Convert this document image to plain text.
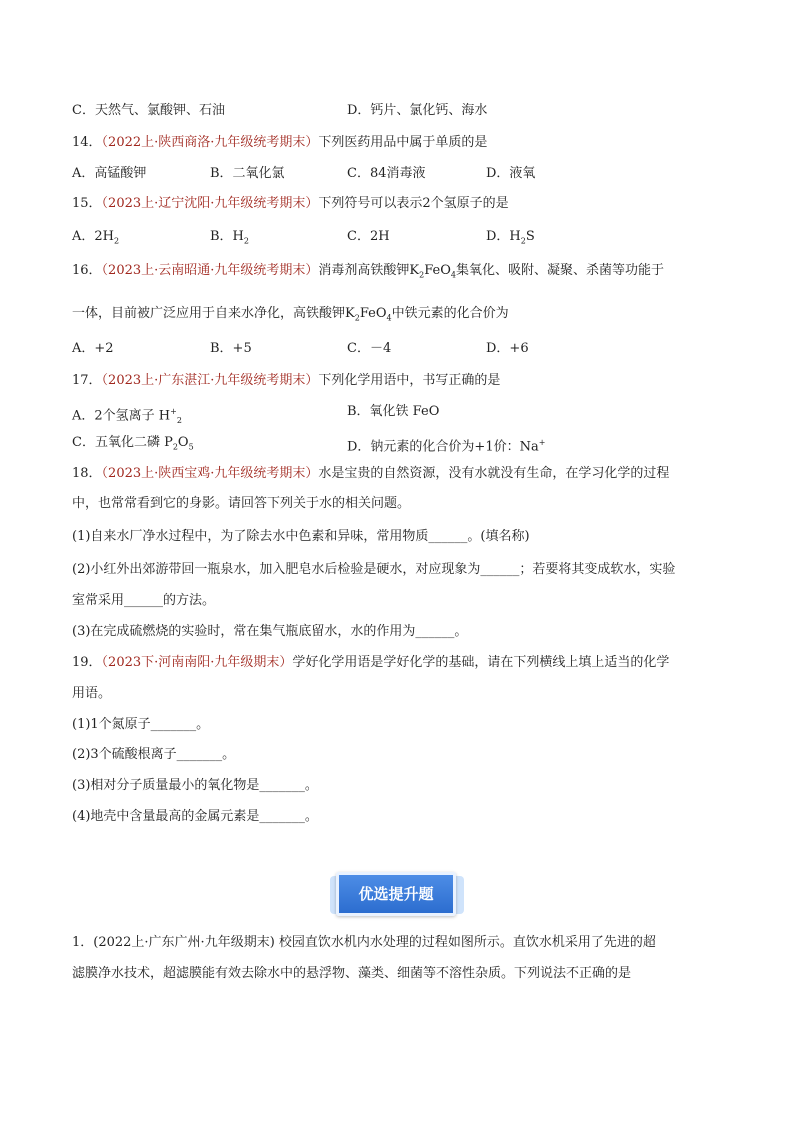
C．天然气、氯酸钾、石油	D．钙片、氯化钙、海水
14．（2022上·陕西商洛·九年级统考期末）下列医药用品中属于单质的是
A．高锰酸钾	B．二氧化氯	C．84消毒液	D．液氧
15．（2023上·辽宁沈阳·九年级统考期末）下列符号可以表示2个氢原子的是
A．$2H_2$	B．$H_2$	C．2H	D．$H_2S$
16．（2023上·云南昭通·九年级统考期末）消毒剂高铁酸钾$K_2FeO_4$集氧化、吸附、凝聚、杀菌等功能于
一体，目前被广泛应用于自来水净化，高铁酸钾$K_2FeO_4$中铁元素的化合价为
A．+2	B．+5	C．－4	D．+6
17．（2023上·广东湛江·九年级统考期末）下列化学用语中，书写正确的是
A．2个氢离子 $H^+_2$
B．氧化铁 FeO
C．五氧化二磷 $P_2O_5$	D．钠元素的化合价为+1价：Na+
18．（2023上·陕西宝鸡·九年级统考期末）水是宝贵的自然资源，没有水就没有生命，在学习化学的过程
中，也常常看到它的身影。请回答下列关于水的相关问题。
(1)自来水厂净水过程中，为了除去水中色素和异味，常用物质______。(填名称)
(2)小红外出郊游带回一瓶泉水，加入肥皂水后检验是硬水，对应现象为______；若要将其变成软水，实验
室常采用______的方法。
(3)在完成硫燃烧的实验时，常在集气瓶底留水，水的作用为______。
19．（2023下·河南南阳·九年级期末）学好化学用语是学好化学的基础，请在下列横线上填上适当的化学
用语。
(1)1个氮原子_______。
(2)3个硫酸根离子_______。
(3)相对分子质量最小的氧化物是_______。
(4)地壳中含量最高的金属元素是_______。
优选提升题
1．(2022上·广东广州·九年级期末) 校园直饮水机内水处理的过程如图所示。直饮水机采用了先进的超
滤膜净水技术，超滤膜能有效去除水中的悬浮物、藻类、细菌等不溶性杂质。下列说法不正确的是
